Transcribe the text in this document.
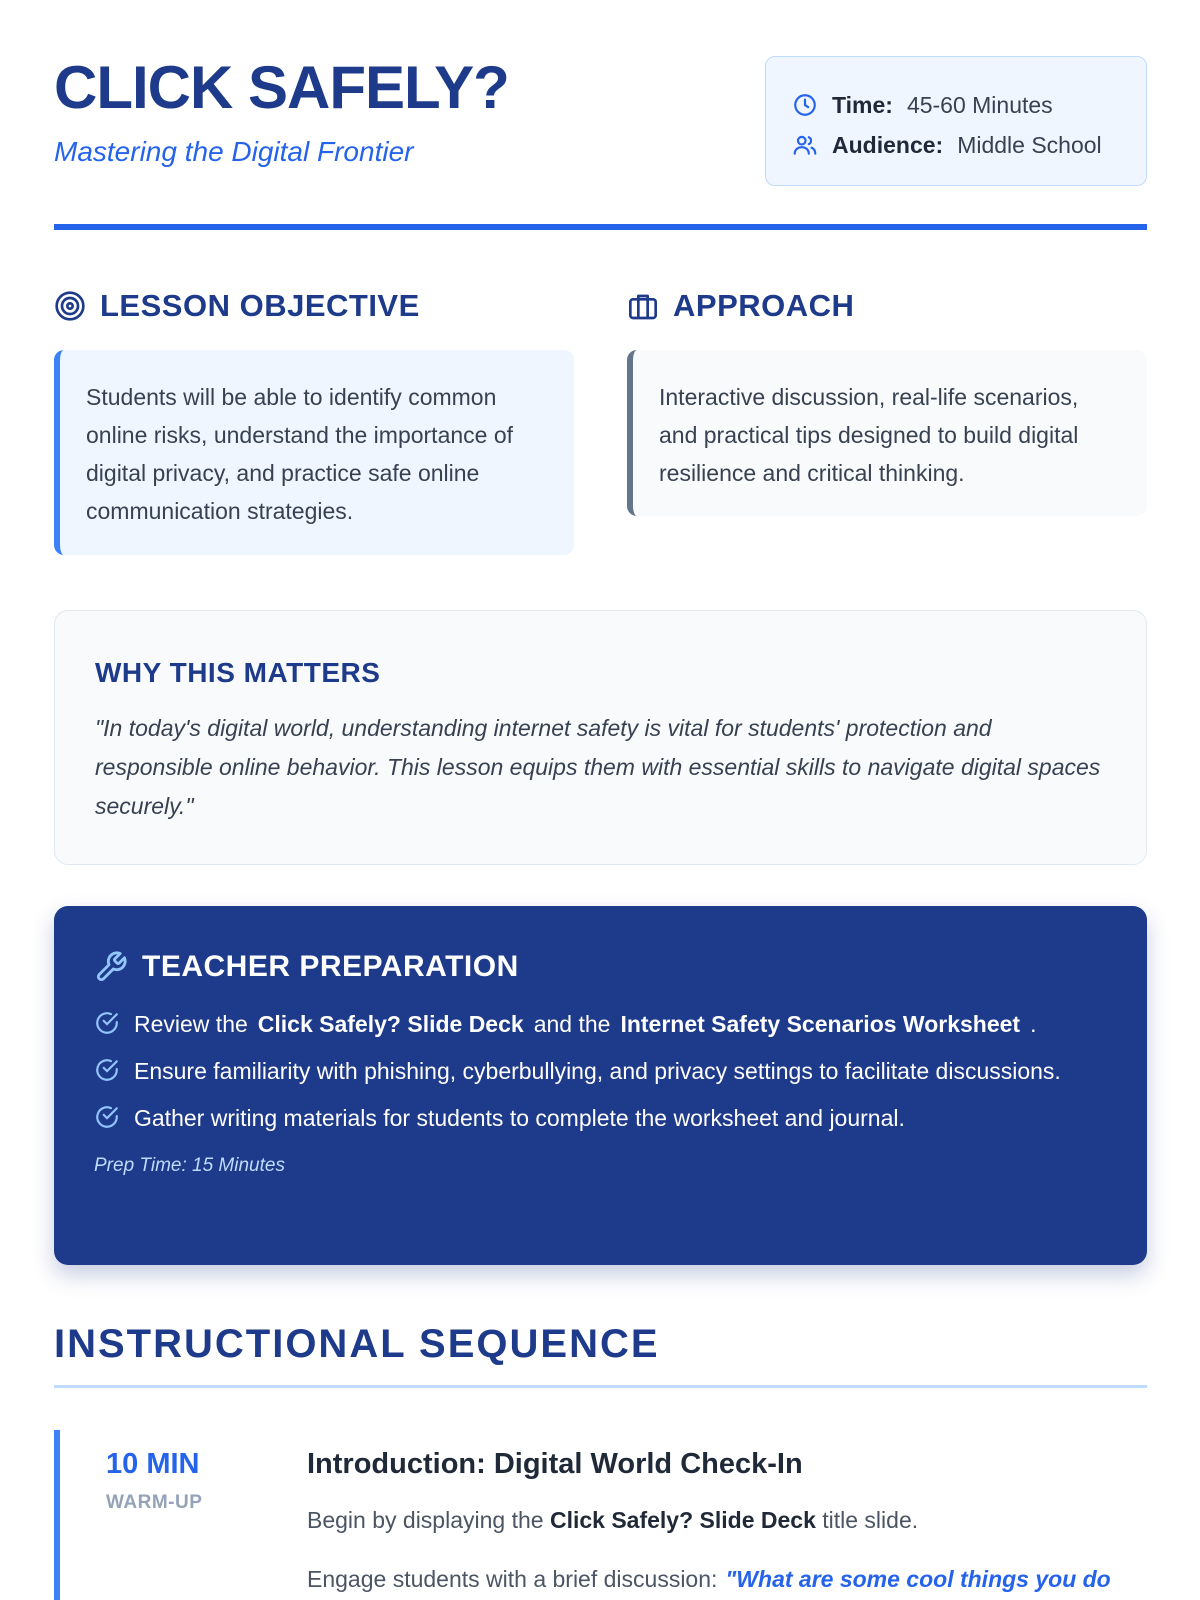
CLICK SAFELY?
Mastering the Digital Frontier
Time: 45-60 Minutes
Audience: Middle School
LESSON OBJECTIVE
Students will be able to identify common online risks, understand the importance of digital privacy, and practice safe online communication strategies.
APPROACH
Interactive discussion, real-life scenarios, and practical tips designed to build digital resilience and critical thinking.
WHY THIS MATTERS

"In today's digital world, understanding internet safety is vital for students' protection and responsible online behavior. This lesson equips them with essential skills to navigate digital spaces securely."

TEACHER PREPARATION
Review the Click Safely? Slide Deck and the Internet Safety Scenarios Worksheet .
Ensure familiarity with phishing, cyberbullying, and privacy settings to facilitate discussions.
Gather writing materials for students to complete the worksheet and journal.
Prep Time: 15 Minutes
INSTRUCTIONAL SEQUENCE
10 MIN
WARM-UP
Introduction: Digital World Check-In
Begin by displaying the Click Safely? Slide Deck title slide.
Engage students with a brief discussion: "What are some cool things you do
